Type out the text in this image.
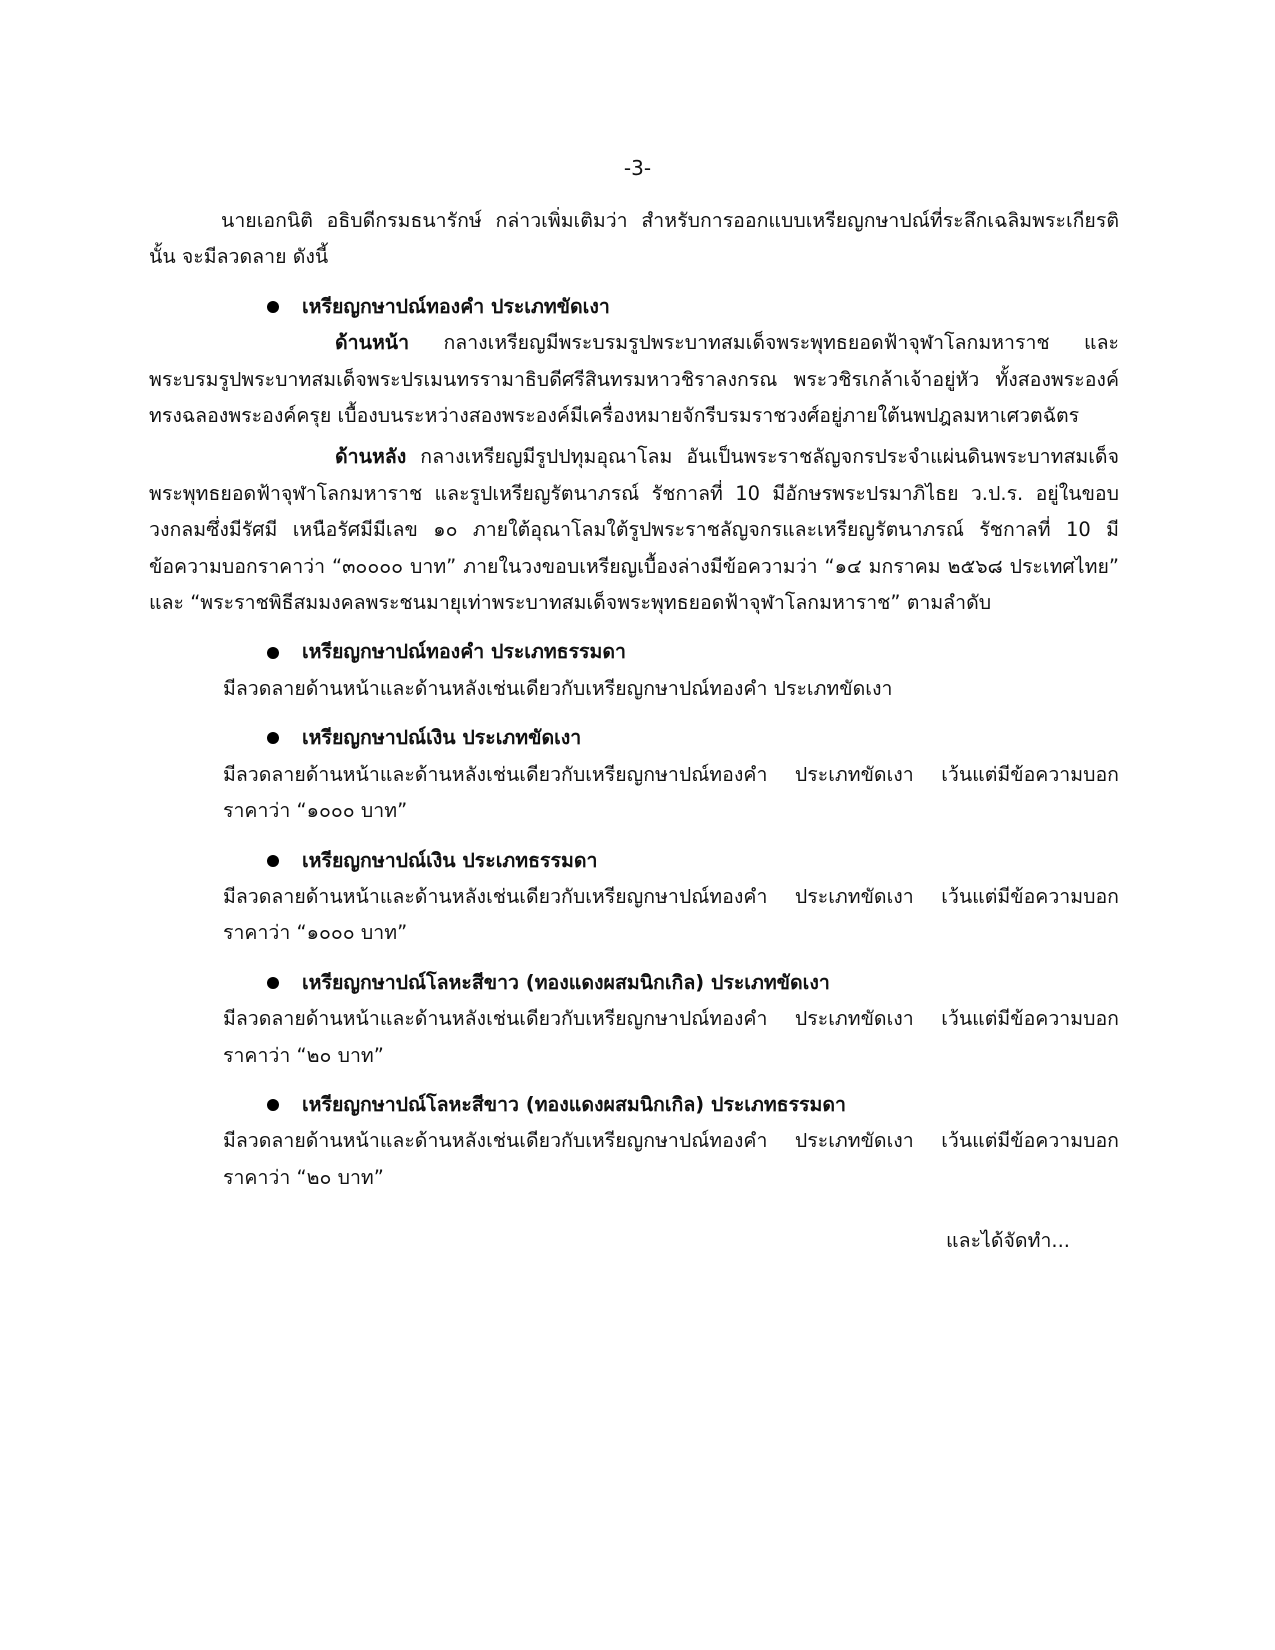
-3-

นายเอกนิติ อธิบดีกรมธนารักษ์ กล่าวเพิ่มเติมว่า สำหรับการออกแบบเหรียญกษาปณ์ที่ระลึกเฉลิมพระเกียรตินั้น จะมีลวดลาย ดังนี้

เหรียญกษาปณ์ทองคำ ประเภทขัดเงา

ด้านหน้า กลางเหรียญมีพระบรมรูปพระบาทสมเด็จพระพุทธยอดฟ้าจุฬาโลกมหาราช และพระบรมรูปพระบาทสมเด็จพระปรเมนทรรามาธิบดีศรีสินทรมหาวชิราลงกรณ พระวชิรเกล้าเจ้าอยู่หัว ทั้งสองพระองค์ทรงฉลองพระองค์ครุย เบื้องบนระหว่างสองพระองค์มีเครื่องหมายจักรีบรมราชวงศ์อยู่ภายใต้นพปฎลมหาเศวตฉัตร

ด้านหลัง กลางเหรียญมีรูปปทุมอุณาโลม อันเป็นพระราชลัญจกรประจำแผ่นดินพระบาทสมเด็จพระพุทธยอดฟ้าจุฬาโลกมหาราช และรูปเหรียญรัตนาภรณ์ รัชกาลที่ 10 มีอักษรพระปรมาภิไธย ว.ป.ร. อยู่ในขอบวงกลมซึ่งมีรัศมี เหนือรัศมีมีเลข ๑๐ ภายใต้อุณาโลมใต้รูปพระราชลัญจกรและเหรียญรัตนาภรณ์ รัชกาลที่ 10 มีข้อความบอกราคาว่า “๓๐๐๐๐ บาท” ภายในวงขอบเหรียญเบื้องล่างมีข้อความว่า “๑๔ มกราคม ๒๕๖๘ ประเทศไทย” และ “พระราชพิธีสมมงคลพระชนมายุเท่าพระบาทสมเด็จพระพุทธยอดฟ้าจุฬาโลกมหาราช” ตามลำดับ

เหรียญกษาปณ์ทองคำ ประเภทธรรมดา

มีลวดลายด้านหน้าและด้านหลังเช่นเดียวกับเหรียญกษาปณ์ทองคำ ประเภทขัดเงา

เหรียญกษาปณ์เงิน ประเภทขัดเงา

มีลวดลายด้านหน้าและด้านหลังเช่นเดียวกับเหรียญกษาปณ์ทองคำ ประเภทขัดเงา เว้นแต่มีข้อความบอกราคาว่า “๑๐๐๐ บาท”

เหรียญกษาปณ์เงิน ประเภทธรรมดา

มีลวดลายด้านหน้าและด้านหลังเช่นเดียวกับเหรียญกษาปณ์ทองคำ ประเภทขัดเงา เว้นแต่มีข้อความบอกราคาว่า “๑๐๐๐ บาท”

เหรียญกษาปณ์โลหะสีขาว (ทองแดงผสมนิกเกิล) ประเภทขัดเงา

มีลวดลายด้านหน้าและด้านหลังเช่นเดียวกับเหรียญกษาปณ์ทองคำ ประเภทขัดเงา เว้นแต่มีข้อความบอกราคาว่า “๒๐ บาท”

เหรียญกษาปณ์โลหะสีขาว (ทองแดงผสมนิกเกิล) ประเภทธรรมดา

มีลวดลายด้านหน้าและด้านหลังเช่นเดียวกับเหรียญกษาปณ์ทองคำ ประเภทขัดเงา เว้นแต่มีข้อความบอกราคาว่า “๒๐ บาท”

และได้จัดทำ...
